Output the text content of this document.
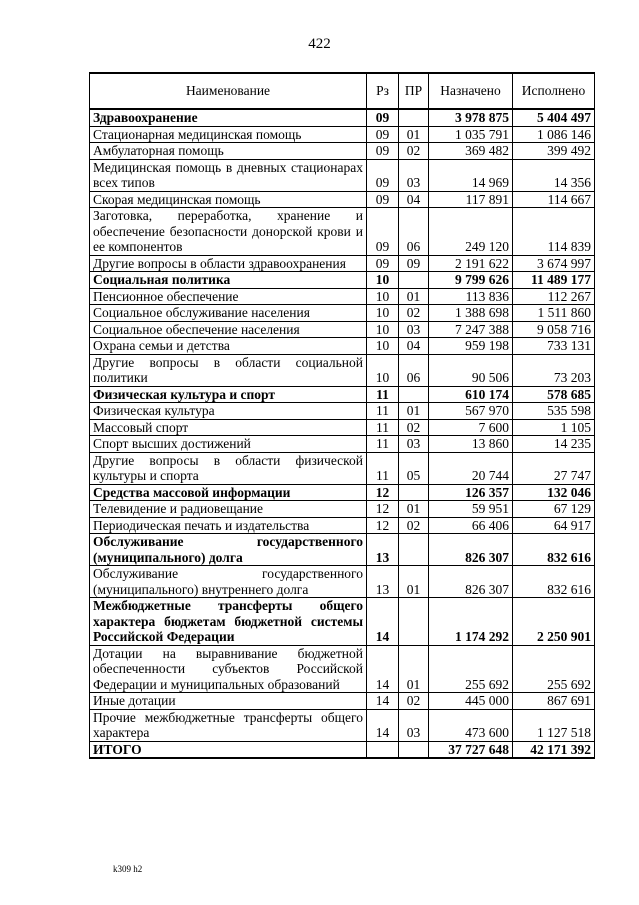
422
Наименование	Рз	ПР	Назначено	Исполнено
Здравоохранение	09		3 978 875	5 404 497
Стационарная медицинская помощь	09	01	1 035 791	1 086 146
Амбулаторная помощь	09	02	369 482	399 492
Медицинская помощь в дневных стационарах всех типов	09	03	14 969	14 356
Скорая медицинская помощь	09	04	117 891	114 667
Заготовка, переработка, хранение и обеспечение безопасности донорской крови и ее компонентов	09	06	249 120	114 839
Другие вопросы в области здравоохранения	09	09	2 191 622	3 674 997
Социальная политика	10		9 799 626	11 489 177
Пенсионное обеспечение	10	01	113 836	112 267
Социальное обслуживание населения	10	02	1 388 698	1 511 860
Социальное обеспечение населения	10	03	7 247 388	9 058 716
Охрана семьи и детства	10	04	959 198	733 131
Другие вопросы в области социальной политики	10	06	90 506	73 203
Физическая культура и спорт	11		610 174	578 685
Физическая культура	11	01	567 970	535 598
Массовый спорт	11	02	7 600	1 105
Спорт высших достижений	11	03	13 860	14 235
Другие вопросы в области физической культуры и спорта	11	05	20 744	27 747
Средства массовой информации	12		126 357	132 046
Телевидение и радиовещание	12	01	59 951	67 129
Периодическая печать и издательства	12	02	66 406	64 917
Обслуживание государственного (муниципального) долга	13		826 307	832 616
Обслуживание государственного (муниципального) внутреннего долга	13	01	826 307	832 616
Межбюджетные трансферты общего характера бюджетам бюджетной системы Российской Федерации	14		1 174 292	2 250 901
Дотации на выравнивание бюджетной обеспеченности субъектов Российской Федерации и муниципальных образований	14	01	255 692	255 692
Иные дотации	14	02	445 000	867 691
Прочие межбюджетные трансферты общего характера	14	03	473 600	1 127 518
ИТОГО			37 727 648	42 171 392
k309 h2
